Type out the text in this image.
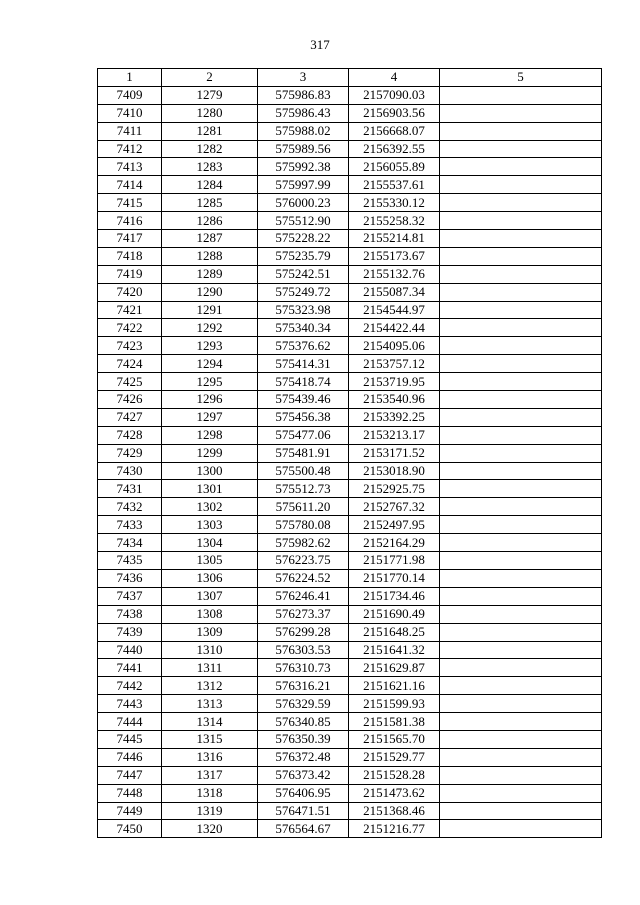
317
1	2	3	4	5
7409	1279	575986.83	2157090.03	
7410	1280	575986.43	2156903.56	
7411	1281	575988.02	2156668.07	
7412	1282	575989.56	2156392.55	
7413	1283	575992.38	2156055.89	
7414	1284	575997.99	2155537.61	
7415	1285	576000.23	2155330.12	
7416	1286	575512.90	2155258.32	
7417	1287	575228.22	2155214.81	
7418	1288	575235.79	2155173.67	
7419	1289	575242.51	2155132.76	
7420	1290	575249.72	2155087.34	
7421	1291	575323.98	2154544.97	
7422	1292	575340.34	2154422.44	
7423	1293	575376.62	2154095.06	
7424	1294	575414.31	2153757.12	
7425	1295	575418.74	2153719.95	
7426	1296	575439.46	2153540.96	
7427	1297	575456.38	2153392.25	
7428	1298	575477.06	2153213.17	
7429	1299	575481.91	2153171.52	
7430	1300	575500.48	2153018.90	
7431	1301	575512.73	2152925.75	
7432	1302	575611.20	2152767.32	
7433	1303	575780.08	2152497.95	
7434	1304	575982.62	2152164.29	
7435	1305	576223.75	2151771.98	
7436	1306	576224.52	2151770.14	
7437	1307	576246.41	2151734.46	
7438	1308	576273.37	2151690.49	
7439	1309	576299.28	2151648.25	
7440	1310	576303.53	2151641.32	
7441	1311	576310.73	2151629.87	
7442	1312	576316.21	2151621.16	
7443	1313	576329.59	2151599.93	
7444	1314	576340.85	2151581.38	
7445	1315	576350.39	2151565.70	
7446	1316	576372.48	2151529.77	
7447	1317	576373.42	2151528.28	
7448	1318	576406.95	2151473.62	
7449	1319	576471.51	2151368.46	
7450	1320	576564.67	2151216.77	
